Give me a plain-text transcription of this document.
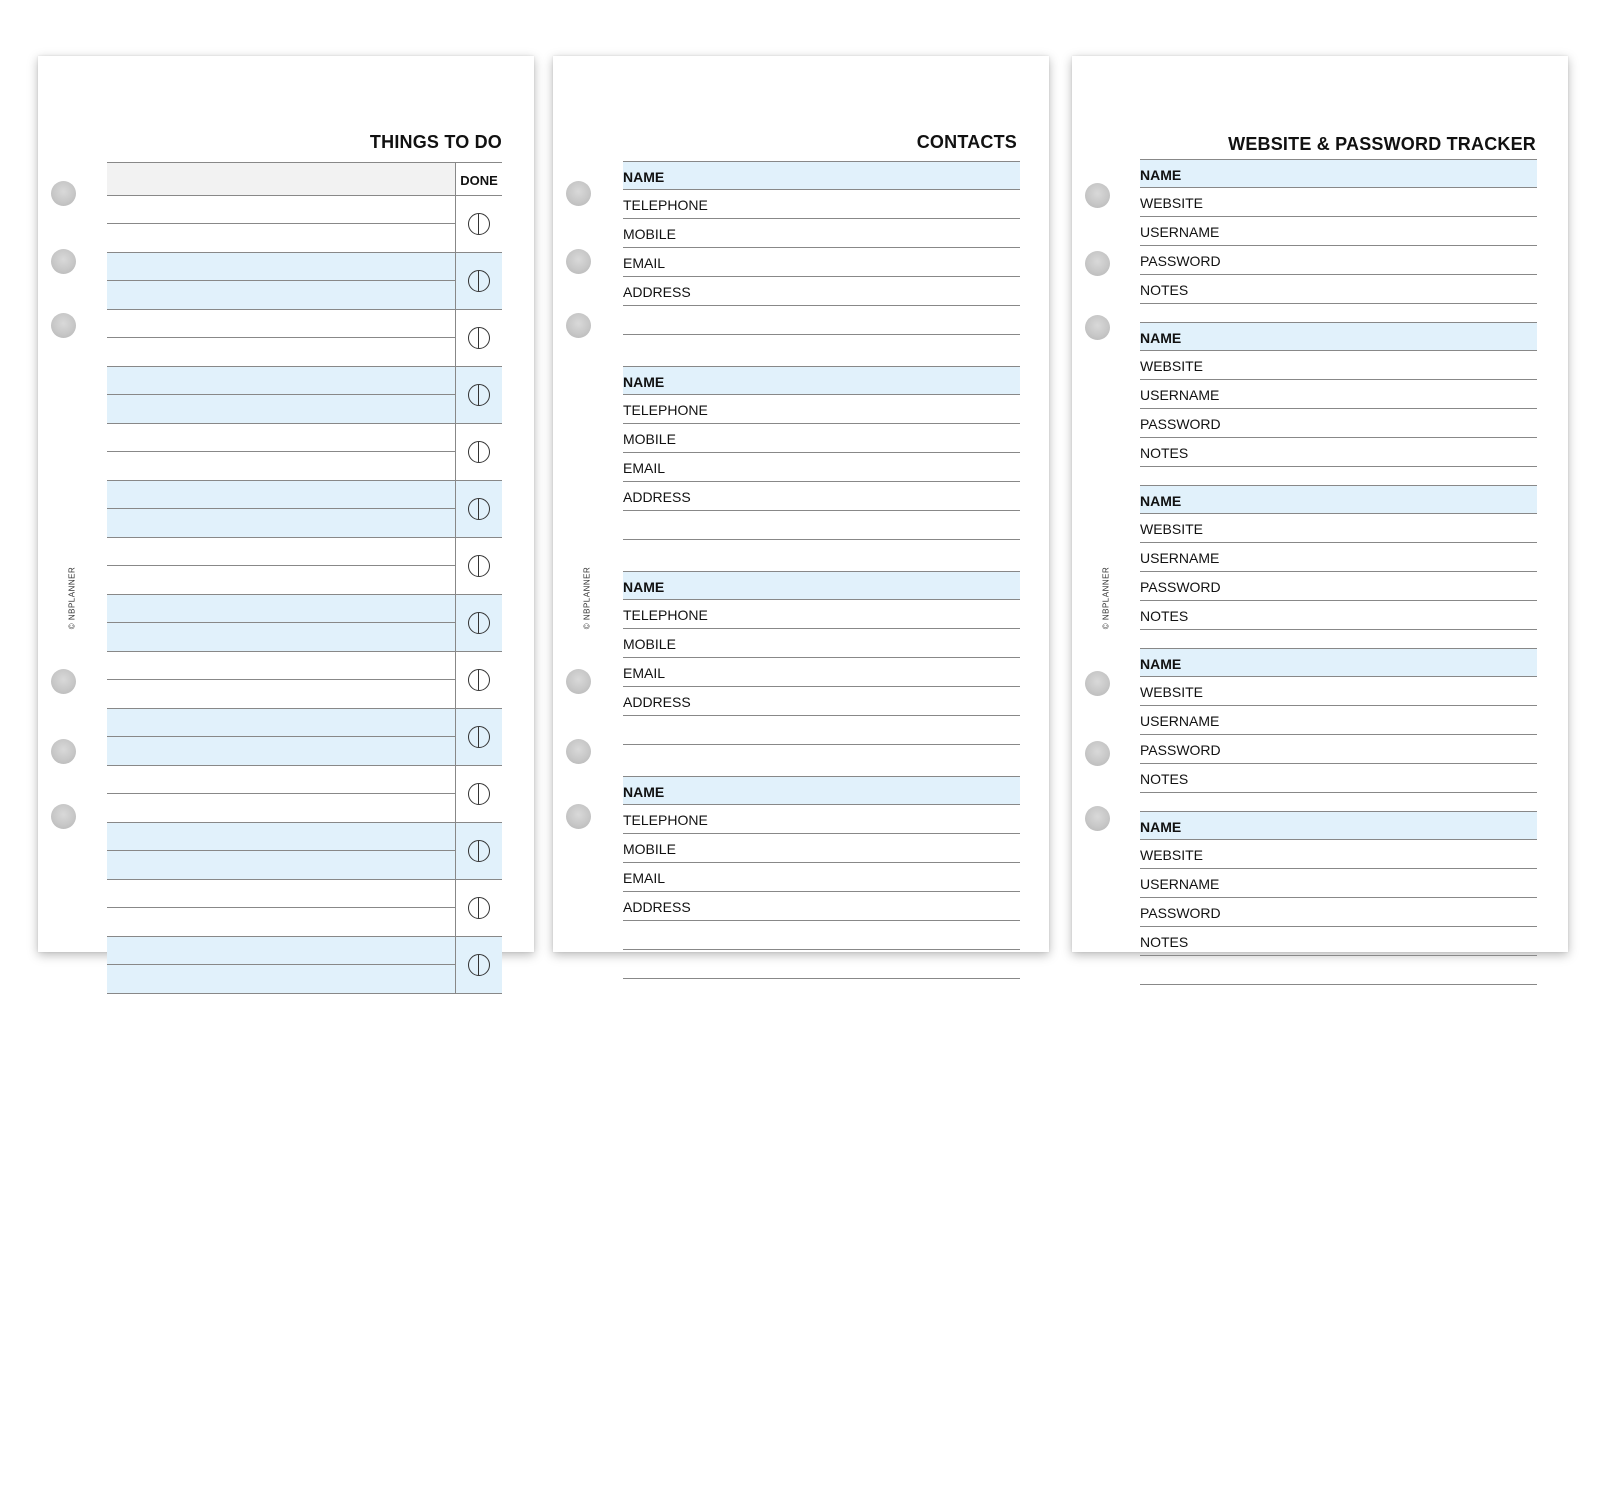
© NBPLANNER
THINGS TO DO
DONE
© NBPLANNER
CONTACTS
NAME
TELEPHONE
MOBILE
EMAIL
ADDRESS
NAME
TELEPHONE
MOBILE
EMAIL
ADDRESS
NAME
TELEPHONE
MOBILE
EMAIL
ADDRESS
NAME
TELEPHONE
MOBILE
EMAIL
ADDRESS
© NBPLANNER
WEBSITE & PASSWORD TRACKER
NAME
WEBSITE
USERNAME
PASSWORD
NOTES
NAME
WEBSITE
USERNAME
PASSWORD
NOTES
NAME
WEBSITE
USERNAME
PASSWORD
NOTES
NAME
WEBSITE
USERNAME
PASSWORD
NOTES
NAME
WEBSITE
USERNAME
PASSWORD
NOTES
